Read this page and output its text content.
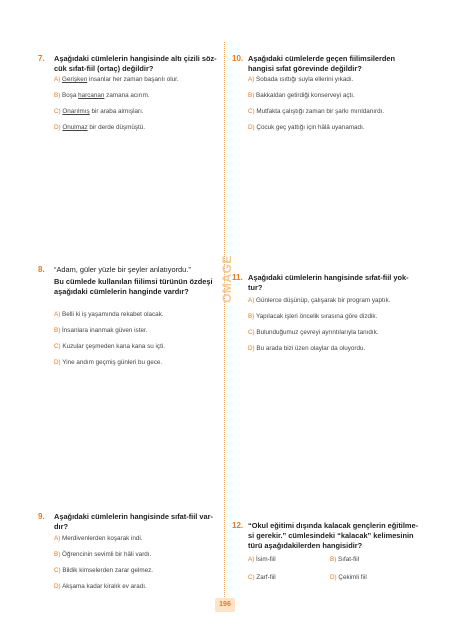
7. Aşağıdaki cümlelerin hangisinde altı çizili söz-
cük sıfat-fiil (ortaç) değildir?
A) Gerişken insanlar her zaman başarılı olur.
B) Boşa harcanan zamana acırım.
C) Onarılmış bir araba almışları.
D) Onulmaz bir derde düşmüştü.
10. Aşağıdaki cümlelerde geçen fiilimsilerden
hangisi sıfat görevinde değildir?
A) Sobada ısıttığı suyla ellerini yıkadı.
B) Bakkaldan getirdiği konserveyi açtı.
C) Mutfakta çalıştığı zaman bir şarkı mırıldanırdı.
D) Çocuk geç yattığı için hâlâ uyanamadı.
8. “Adam, güler yüzle bir şeyler anlatıyordu.”
Bu cümlede kullanılan fiilimsi türünün özdeşi
aşağıdaki cümlelerin hanginde vardır?
A) Belli ki iş yaşamında rekabet olacak.
B) İnsanlara inanmak güven ister.
C) Kuzular çeşmeden kana kana su içti.
D) Yine andım geçmiş günleri bu gece.
OMAGE
11. Aşağıdaki cümlelerin hangisinde sıfat-fiil yok-
tur?
A) Günlerce düşünüp, çalışarak bir program yaptık.
B) Yapılacak işleri öncelik sırasına göre dizdik.
C) Bulunduğumuz çevreyi ayrıntılarıyla tanıdık.
D) Bu arada bizi üzen olaylar da oluyordu.
9. Aşağıdaki cümlelerin hangisinde sıfat-fiil var-
dır?
A) Merdivenlerden koşarak indi.
B) Öğrencinin sevimli bir hâli vardı.
C) Bildik kimselerden zarar gelmez.
D) Akşama kadar kiralık ev aradı.
12. “Okul eğitimi dışında kalacak gençlerin eğitilme-
si gerekir.” cümlesindeki “kalacak” kelimesinin
türü aşağıdakilerden hangisidir?
A) İsim-fiil	B) Sıfat-fiil
C) Zarf-fiil	D) Çekimli fiil
196
